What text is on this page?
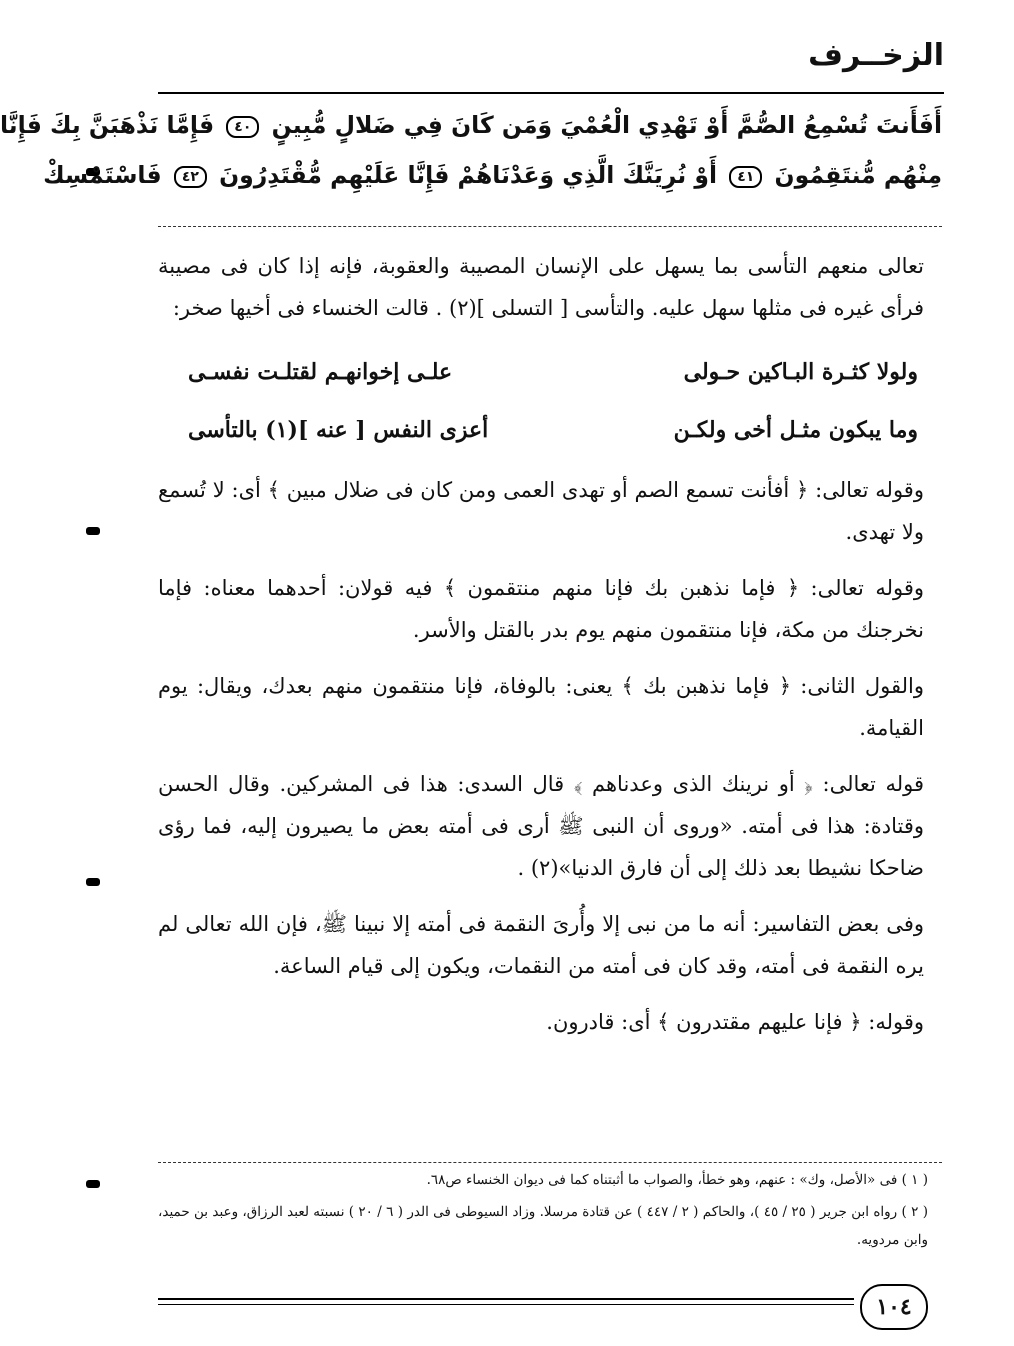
الزخــرف
أَفَأَنتَ تُسْمِعُ الصُّمَّ أَوْ تَهْدِي الْعُمْيَ وَمَن كَانَ فِي ضَلالٍ مُّبِينٍ ٤٠ فَإِمَّا نَذْهَبَنَّ بِكَ فَإِنَّا
مِنْهُم مُّنتَقِمُونَ ٤١ أَوْ نُرِيَنَّكَ الَّذِي وَعَدْنَاهُمْ فَإِنَّا عَلَيْهِم مُّقْتَدِرُونَ ٤٢ فَاسْتَمْسِكْ

تعالى منعهم التأسى بما يسهل على الإنسان المصيبة والعقوبة، فإنه إذا كان فى مصيبة فرأى غيره فى مثلها سهل عليه. والتأسى [ التسلى ](٢) . قالت الخنساء فى أخيها صخر:

ولولا كثـرة البـاكين حـولى
علـى إخوانهـم لقتلـت نفسـى
وما يبكون مثـل أخى ولكـن
أعزى النفس [ عنه ](١) بالتأسى

وقوله تعالى: ﴿ أفأنت تسمع الصم أو تهدى العمى ومن كان فى ضلال مبين ﴾ أى: لا تُسمع ولا تهدى.

وقوله تعالى: ﴿ فإما نذهبن بك فإنا منهم منتقمون ﴾ فيه قولان: أحدهما معناه: فإما نخرجنك من مكة، فإنا منتقمون منهم يوم بدر بالقتل والأسر.

والقول الثانى: ﴿ فإما نذهبن بك ﴾ يعنى: بالوفاة، فإنا منتقمون منهم بعدك، ويقال: يوم القيامة.

قوله تعالى: ﴿ أو نرينك الذى وعدناهم ﴾ قال السدى: هذا فى المشركين. وقال الحسن وقتادة: هذا فى أمته. «وروى أن النبى ﷺ أرى فى أمته بعض ما يصيرون إليه، فما رؤى ضاحكا نشيطا بعد ذلك إلى أن فارق الدنيا»(٢) .

وفى بعض التفاسير: أنه ما من نبى إلا وأُرىَ النقمة فى أمته إلا نبينا ﷺ، فإن الله تعالى لم يره النقمة فى أمته، وقد كان فى أمته من النقمات، ويكون إلى قيام الساعة.

وقوله: ﴿ فإنا عليهم مقتدرون ﴾ أى: قادرون.

( ١ ) فى «الأصل، وك» : عنهم، وهو خطأ، والصواب ما أثبتناه كما فى ديوان الخنساء ص٦٨.

( ٢ ) رواه ابن جرير ( ٢٥ / ٤٥ )، والحاكم ( ٢ / ٤٤٧ ) عن قتادة مرسلا. وزاد السيوطى فى الدر ( ٦ / ٢٠ ) نسبته لعبد الرزاق، وعبد بن حميد، وابن مردويه.

١٠٤
